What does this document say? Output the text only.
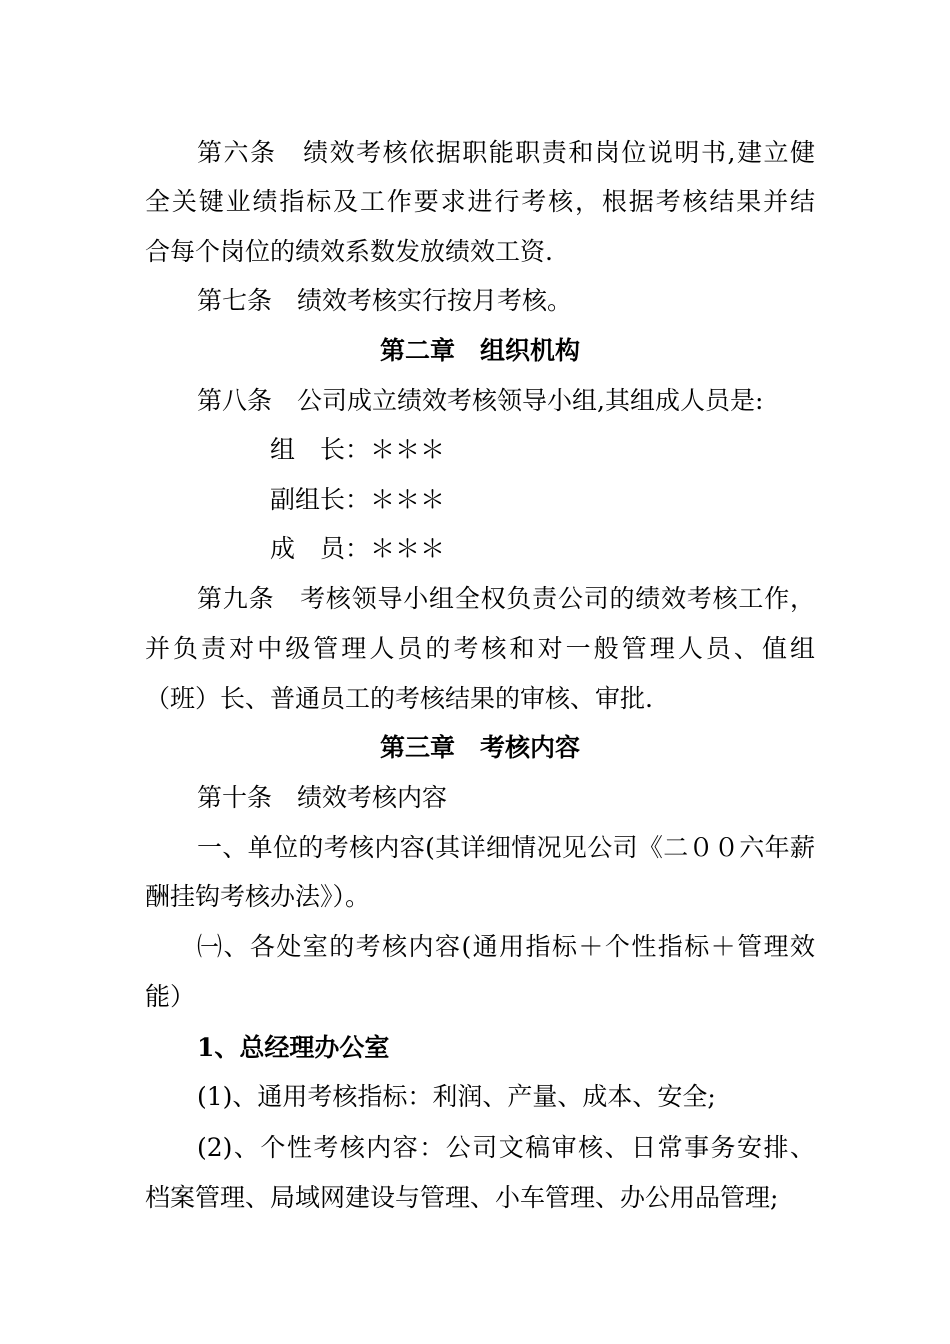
第六条　绩效考核依据职能职责和岗位说明书,建立健
全关键业绩指标及工作要求进行考核，根据考核结果并结
合每个岗位的绩效系数发放绩效工资.
第七条　绩效考核实行按月考核。
第二章　组织机构
第八条　公司成立绩效考核领导小组,其组成人员是:
组　长：＊＊＊
副组长：＊＊＊
成　员：＊＊＊
第九条　考核领导小组全权负责公司的绩效考核工作，
并负责对中级管理人员的考核和对一般管理人员、值组
（班）长、普通员工的考核结果的审核、审批.
第三章　考核内容
第十条　绩效考核内容
一、单位的考核内容(其详细情况见公司《二００六年薪
酬挂钩考核办法》）。
㈠、各处室的考核内容(通用指标＋个性指标＋管理效
能）
1、总经理办公室
(1)、通用考核指标：利润、产量、成本、安全;
(2)、个性考核内容：公司文稿审核、日常事务安排、
档案管理、局域网建设与管理、小车管理、办公用品管理;
